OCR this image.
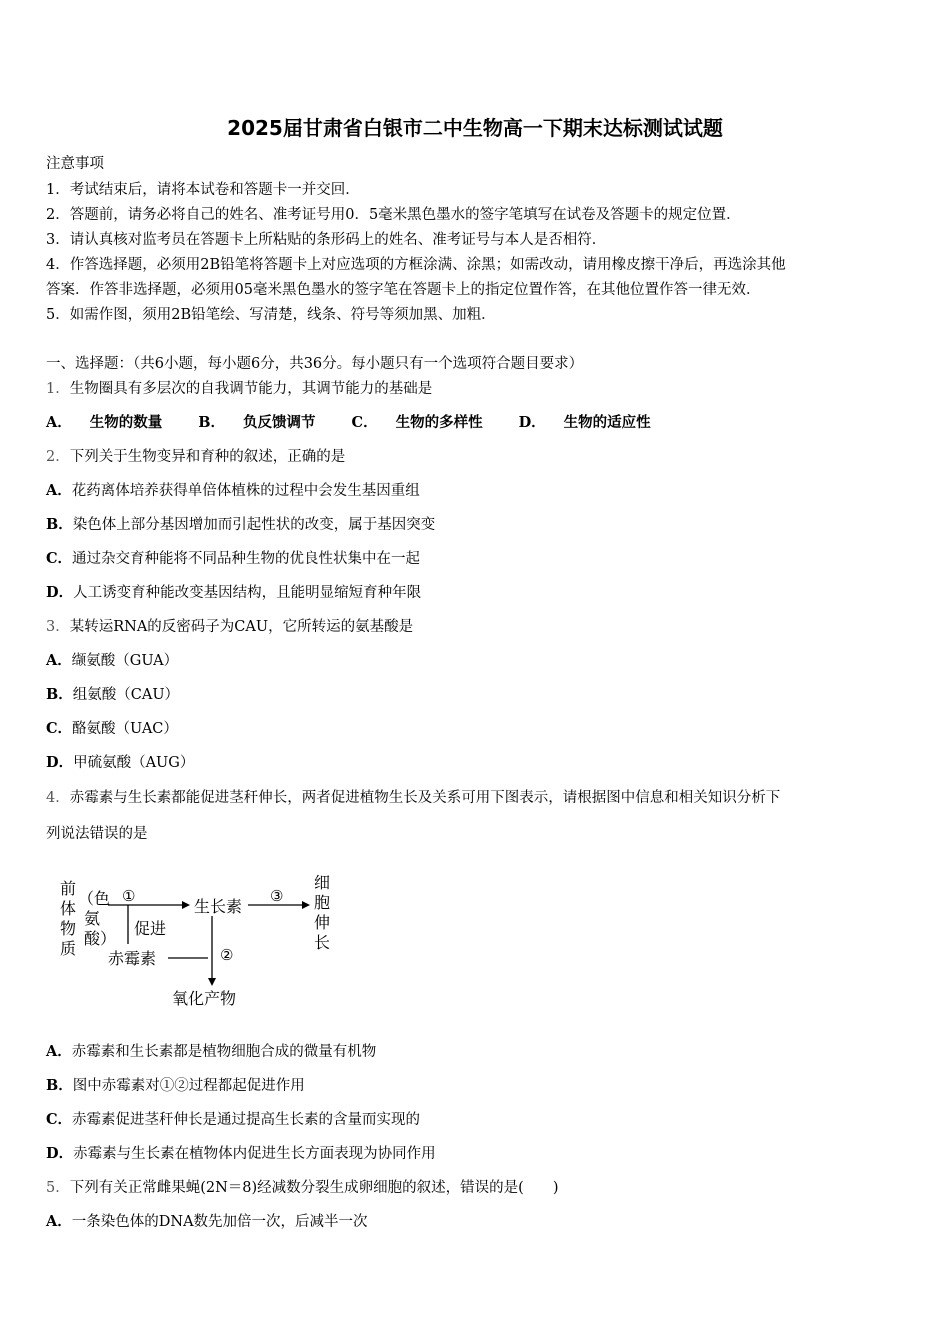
2025届甘肃省白银市二中生物高一下期末达标测试试题
注意事项
1．考试结束后，请将本试卷和答题卡一并交回．
2．答题前，请务必将自己的姓名、准考证号用0．5毫米黑色墨水的签字笔填写在试卷及答题卡的规定位置．
3．请认真核对监考员在答题卡上所粘贴的条形码上的姓名、准考证号与本人是否相符．
4．作答选择题，必须用2B铅笔将答题卡上对应选项的方框涂满、涂黑；如需改动，请用橡皮擦干净后，再选涂其他
答案．作答非选择题，必须用05毫米黑色墨水的签字笔在答题卡上的指定位置作答，在其他位置作答一律无效．
5．如需作图，须用2B铅笔绘、写清楚，线条、符号等须加黑、加粗．
一、选择题：（共6小题，每小题6分，共36分。每小题只有一个选项符合题目要求）
1．生物圈具有多层次的自我调节能力，其调节能力的基础是
A． 生物的数量 B． 负反馈调节 C． 生物的多样性 D． 生物的适应性
2．下列关于生物变异和育种的叙述，正确的是
A．花药离体培养获得单倍体植株的过程中会发生基因重组
B．染色体上部分基因增加而引起性状的改变，属于基因突变
C．通过杂交育种能将不同品种生物的优良性状集中在一起
D．人工诱变育种能改变基因结构，且能明显缩短育种年限
3．某转运RNA的反密码子为CAU，它所转运的氨基酸是
A．缬氨酸（GUA）
B．组氨酸（CAU）
C．酪氨酸（UAC）
D．甲硫氨酸（AUG）
4．赤霉素与生长素都能促进茎秆伸长，两者促进植物生长及关系可用下图表示，请根据图中信息和相关知识分析下
列说法错误的是
前
体
物
质
（色
氨
酸）
①
生长素
促进
赤霉素	②
氧化产物
③
细
胞
伸
长
A．赤霉素和生长素都是植物细胞合成的微量有机物
B．图中赤霉素对①②过程都起促进作用
C．赤霉素促进茎秆伸长是通过提高生长素的含量而实现的
D．赤霉素与生长素在植物体内促进生长方面表现为协同作用
5．下列有关正常雌果蝇(2N＝8)经减数分裂生成卵细胞的叙述，错误的是(　　)
A．一条染色体的DNA数先加倍一次，后减半一次
